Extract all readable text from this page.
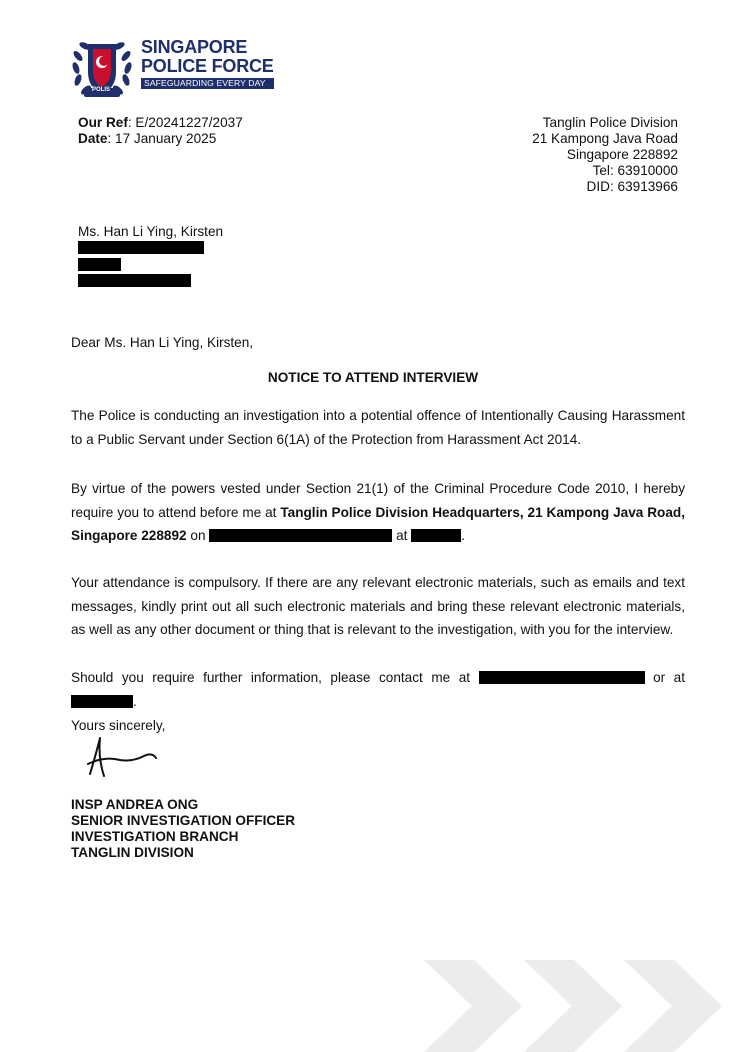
POLIS
SINGAPORE
POLICE FORCE
SAFEGUARDING EVERY DAY
Our Ref: E/20241227/2037
Date: 17 January 2025
Tanglin Police Division
21 Kampong Java Road
Singapore 228892
Tel: 63910000
DID: 63913966
Ms. Han Li Ying, Kirsten
Dear Ms. Han Li Ying, Kirsten,
NOTICE TO ATTEND INTERVIEW
The Police is conducting an investigation into a potential offence of Intentionally Causing Harassment to a Public Servant under Section 6(1A) of the Protection from Harassment Act 2014.
By virtue of the powers vested under Section 21(1) of the Criminal Procedure Code 2010, I hereby require you to attend before me at Tanglin Police Division Headquarters, 21 Kampong Java Road, Singapore 228892 on	at	.
Your attendance is compulsory. If there are any relevant electronic materials, such as emails and text messages, kindly print out all such electronic materials and bring these relevant electronic materials, as well as any other document or thing that is relevant to the investigation, with you for the interview.
Should you require further information, please contact me at	or at .
Yours sincerely,
INSP ANDREA ONG
SENIOR INVESTIGATION OFFICER
INVESTIGATION BRANCH
TANGLIN DIVISION
